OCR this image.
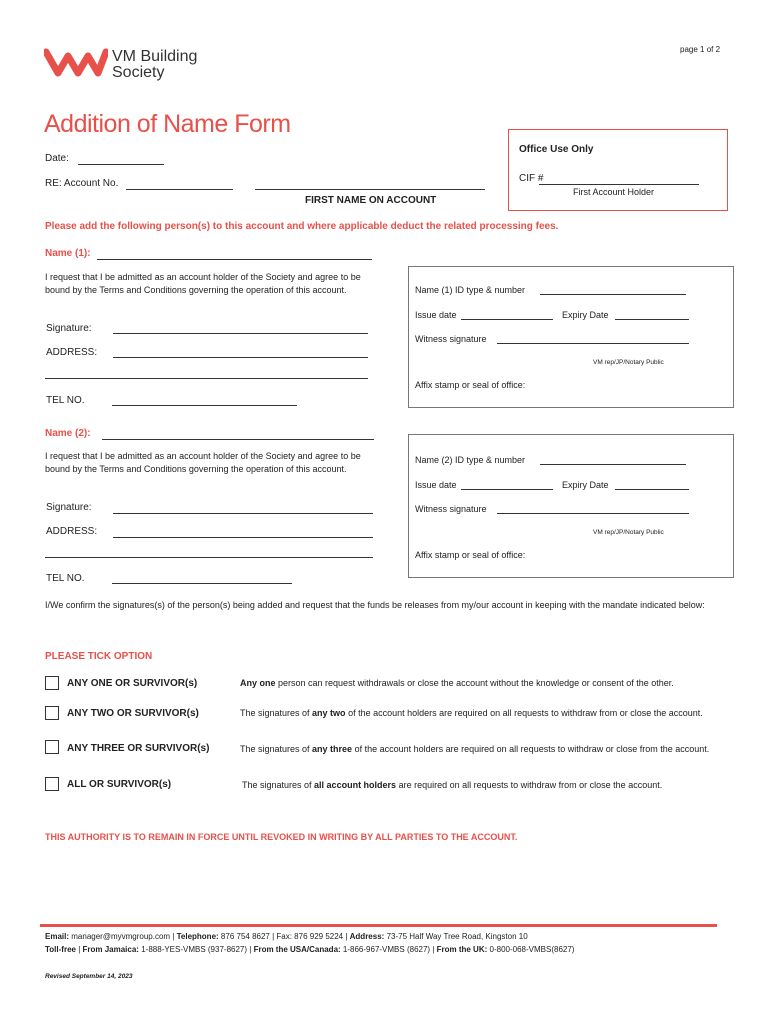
VM Building
Society
page 1 of 2
Addition of Name Form
Date:
RE: Account No.
FIRST NAME ON ACCOUNT
Office Use Only
CIF #
First Account Holder
Please add the following person(s) to this account and where applicable deduct the related processing fees.
Name (1):
I request that I be admitted as an account holder of the Society and agree to be bound by the Terms and Conditions governing the operation of this account.
Signature:
ADDRESS:
TEL NO.
Name (1) ID type & number
Issue date	Expiry Date
Witness signature
VM rep/JP/Notary Public
Affix stamp or seal of office:
Name (2):
I request that I be admitted as an account holder of the Society and agree to be bound by the Terms and Conditions governing the operation of this account.
Signature:
ADDRESS:
TEL NO.
Name (2) ID type & number
Issue date	Expiry Date
Witness signature
VM rep/JP/Notary Public
Affix stamp or seal of office:
I/We confirm the signatures(s) of the person(s) being added and request that the funds be releases from my/our account in keeping with the mandate indicated below:
PLEASE TICK OPTION
ANY ONE OR SURVIVOR(s)	Any one person can request withdrawals or close the account without the knowledge or consent of the other.
ANY TWO OR SURVIVOR(s)	The signatures of any two of the account holders are required on all requests to withdraw from or close the account.
ANY THREE OR SURVIVOR(s)	The signatures of any three of the account holders are required on all requests to withdraw or close from the account.
ALL OR SURVIVOR(s)	The signatures of all account holders are required on all requests to withdraw from or close the account.
THIS AUTHORITY IS TO REMAIN IN FORCE UNTIL REVOKED IN WRITING BY ALL PARTIES TO THE ACCOUNT.
Email: manager@myvmgroup.com | Telephone: 876 754 8627 | Fax: 876 929 5224 | Address: 73-75 Half Way Tree Road, Kingston 10
Toll-free | From Jamaica: 1-888-YES-VMBS (937-8627) | From the USA/Canada: 1-866-967-VMBS (8627) | From the UK: 0-800-068-VMBS(8627)
Revised September 14, 2023
